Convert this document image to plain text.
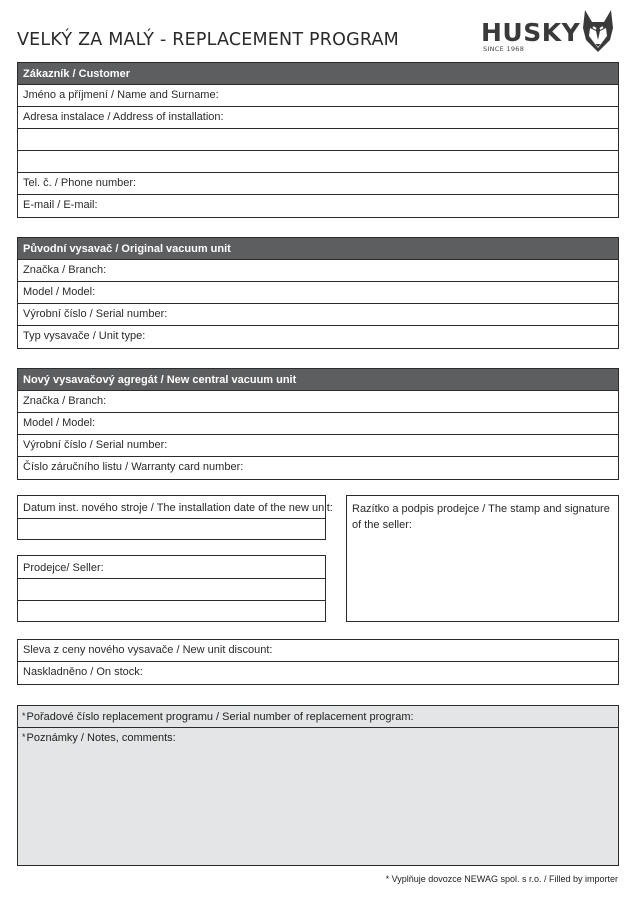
VELKÝ ZA MALÝ - REPLACEMENT PROGRAM	HUSKY
SINCE 1968
Zákazník / Customer
Jméno a příjmení / Name and Surname:
Adresa instalace / Address of installation:
Tel. č. / Phone number:
E-mail / E-mail:
Původní vysavač / Original vacuum unit
Značka / Branch:
Model / Model:
Výrobní číslo / Serial number:
Typ vysavače / Unit type:
Nový vysavačový agregát / New central vacuum unit
Značka / Branch:
Model / Model:
Výrobní číslo / Serial number:
Číslo záručního listu / Warranty card number:
Datum inst. nového stroje / The installation date of the new unit:
Prodejce/ Seller:
Razítko a podpis prodejce / The stamp and signature of the seller:
Sleva z ceny nového vysavače / New unit discount:
Naskladněno / On stock:
*Pořadové číslo replacement programu / Serial number of replacement program:
*Poznámky / Notes, comments:
* Vyplňuje dovozce NEWAG spol. s r.o. / Filled by importer
